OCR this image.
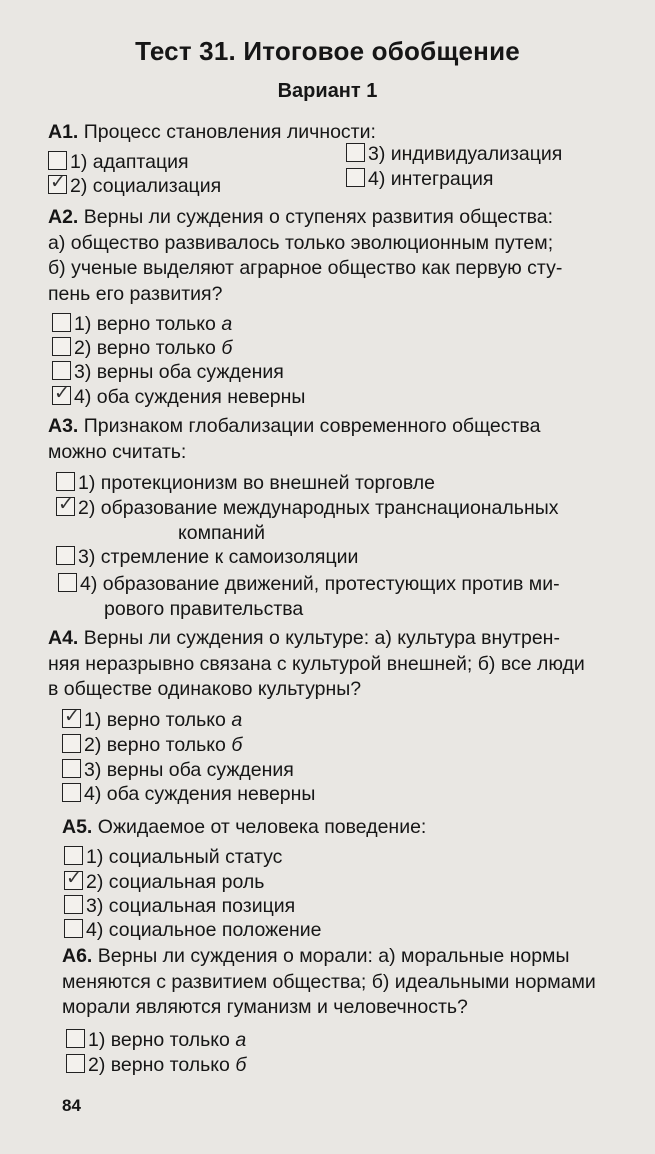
Тест 31. Итоговое обобщение
Вариант 1
A1. Процесс становления личности:
1) адаптация
✓2) социализация
3) индивидуализация
4) интеграция
A2. Верны ли суждения о ступенях развития общества:
а) общество развивалось только эволюционным путем;
б) ученые выделяют аграрное общество как первую сту-
пень его развития?
1) верно только а
2) верно только б
3) верны оба суждения
✓4) оба суждения неверны
A3. Признаком глобализации современного общества
можно считать:
1) протекционизм во внешней торговле
✓2) образование международных транснациональных
компаний
3) стремление к самоизоляции
4) образование движений, протестующих против ми-
рового правительства
A4. Верны ли суждения о культуре: а) культура внутрен-
няя неразрывно связана с культурой внешней; б) все люди
в обществе одинаково культурны?
✓1) верно только а
2) верно только б
3) верны оба суждения
4) оба суждения неверны
A5. Ожидаемое от человека поведение:
1) социальный статус
✓2) социальная роль
3) социальная позиция
4) социальное положение
A6. Верны ли суждения о морали: а) моральные нормы
меняются с развитием общества; б) идеальными нормами
морали являются гуманизм и человечность?
1) верно только а
2) верно только б
84
